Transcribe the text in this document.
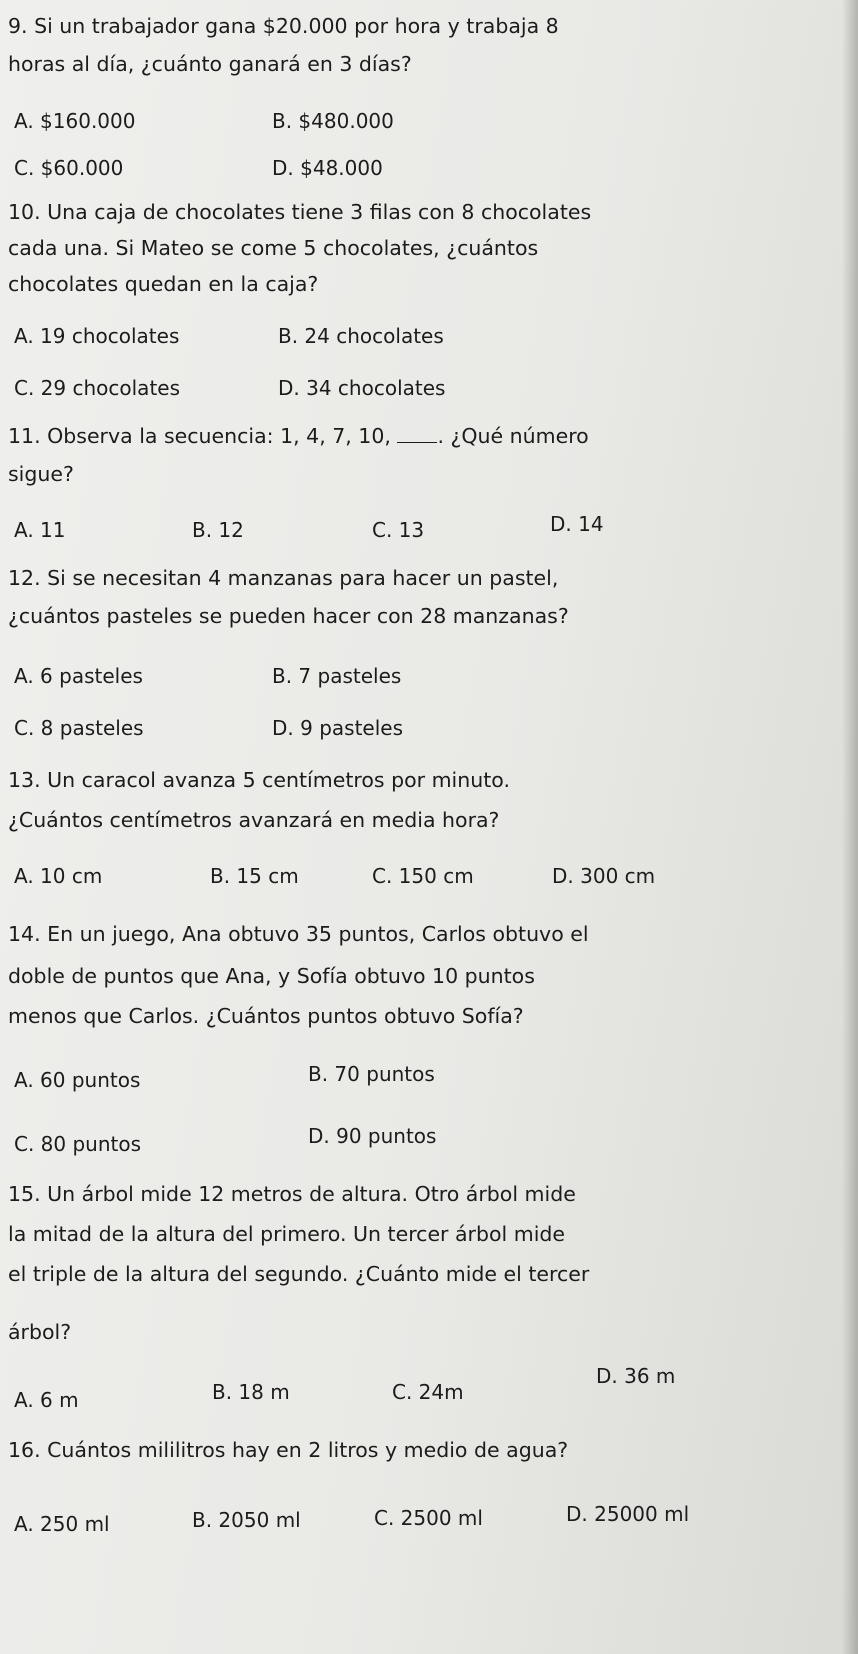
9. Si un trabajador gana $20.000 por hora y trabaja 8

horas al día, ¿cuánto ganará en 3 días?

A. $160.000	B. $480.000

C. $60.000	D. $48.000

10. Una caja de chocolates tiene 3 filas con 8 chocolates

cada una. Si Mateo se come 5 chocolates, ¿cuántos

chocolates quedan en la caja?

A. 19 chocolates	B. 24 chocolates

C. 29 chocolates	D. 34 chocolates

11. Observa la secuencia: 1, 4, 7, 10, . ¿Qué número

sigue?

A. 11	B. 12	C. 13	D. 14

12. Si se necesitan 4 manzanas para hacer un pastel,

¿cuántos pasteles se pueden hacer con 28 manzanas?

A. 6 pasteles	B. 7 pasteles

C. 8 pasteles	D. 9 pasteles

13. Un caracol avanza 5 centímetros por minuto.

¿Cuántos centímetros avanzará en media hora?

A. 10 cm	B. 15 cm	C. 150 cm	D. 300 cm

14. En un juego, Ana obtuvo 35 puntos, Carlos obtuvo el

doble de puntos que Ana, y Sofía obtuvo 10 puntos

menos que Carlos. ¿Cuántos puntos obtuvo Sofía?

A. 60 puntos	B. 70 puntos

C. 80 puntos	D. 90 puntos

15. Un árbol mide 12 metros de altura. Otro árbol mide

la mitad de la altura del primero. Un tercer árbol mide

el triple de la altura del segundo. ¿Cuánto mide el tercer

árbol?

A. 6 m	B. 18 m	C. 24m

D. 36 m

16. Cuántos mililitros hay en 2 litros y medio de agua?

A. 250 ml	B. 2050 ml	C. 2500 ml	D. 25000 ml
